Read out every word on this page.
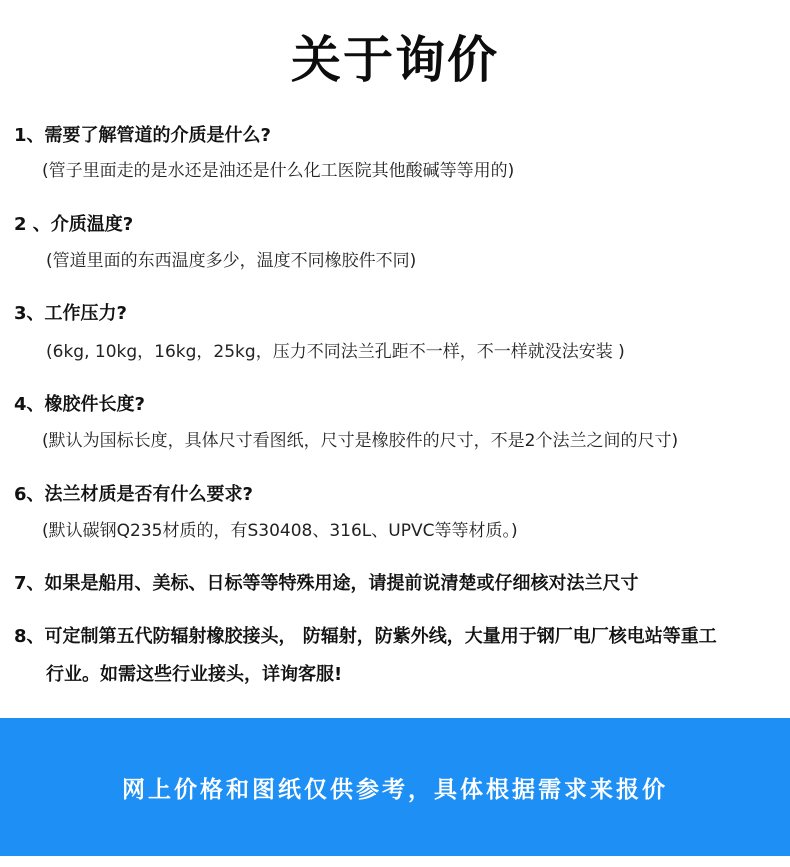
关于询价
1、需要了解管道的介质是什么?
(管子里面走的是水还是油还是什么化工医院其他酸碱等等用的)
2 、介质温度?
(管道里面的东西温度多少，温度不同橡胶件不同)
3、工作压力?
(6kg, 10kg，16kg，25kg，压力不同法兰孔距不一样，不一样就没法安装 )
4、橡胶件长度?
(默认为国标长度，具体尺寸看图纸，尺寸是橡胶件的尺寸，不是2个法兰之间的尺寸)
6、法兰材质是否有什么要求?
(默认碳钢Q235材质的，有S30408、316L、UPVC等等材质。)
7、如果是船用、美标、日标等等特殊用途，请提前说清楚或仔细核对法兰尺寸
8、可定制第五代防辐射橡胶接头， 防辐射，防紫外线，大量用于钢厂电厂核电站等重工
行业。如需这些行业接头，详询客服!
网上价格和图纸仅供参考，具体根据需求来报价
